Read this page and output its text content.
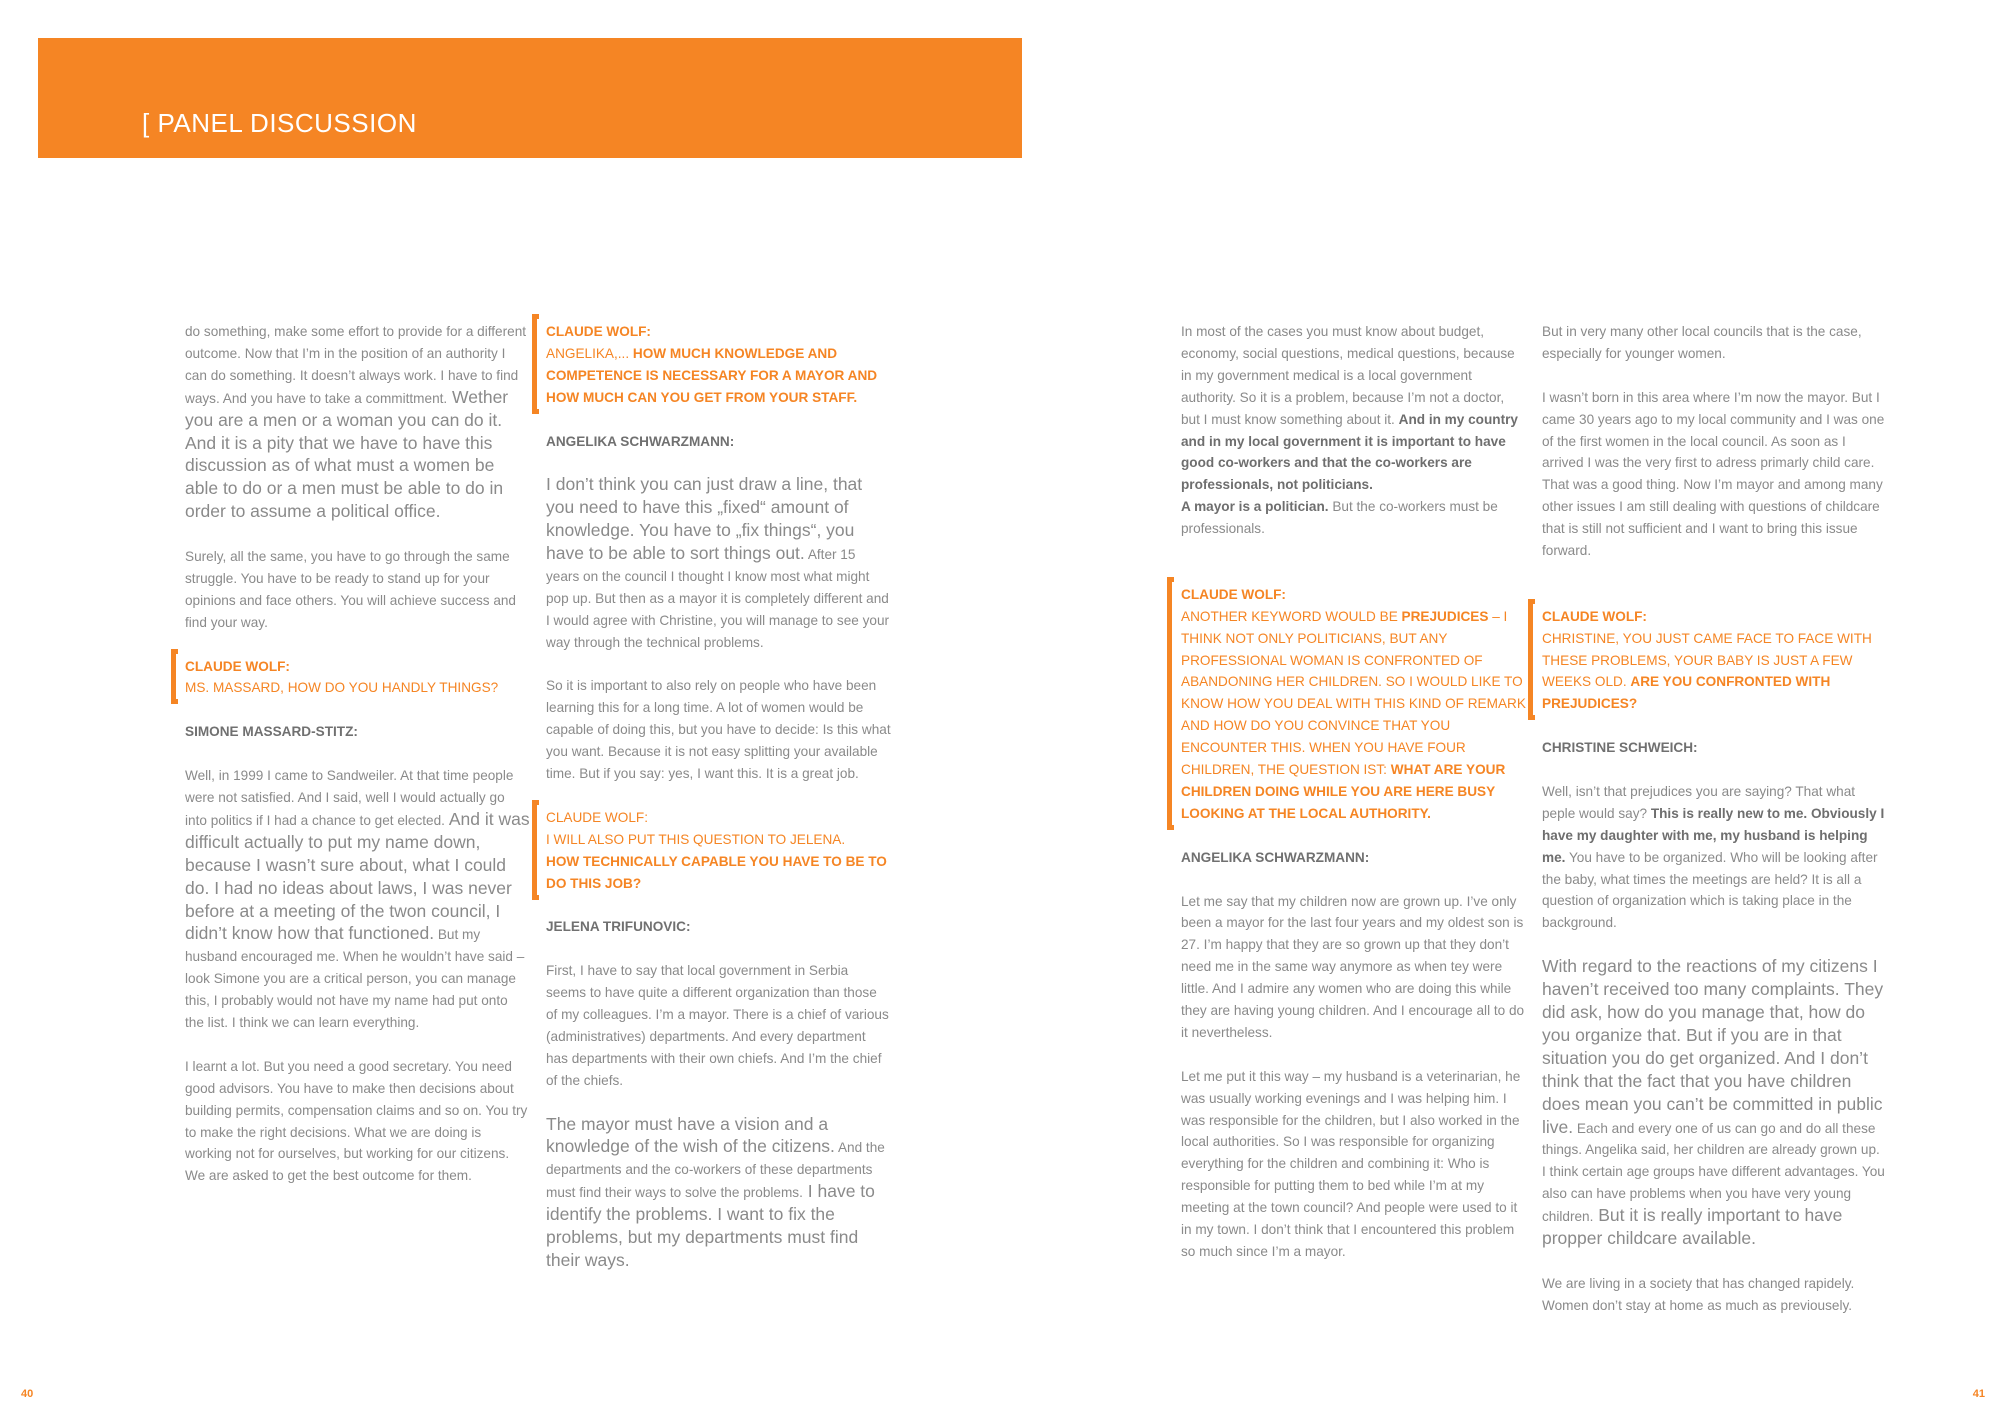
[ PANEL DISCUSSION

do something, make some effort to provide for a different outcome. Now that I’m in the position of an authority I can do something. It doesn’t always work. I have to find ways. And you have to take a committment. Wether you are a men or a woman you can do it. And it is a pity that we have to have this discussion as of what must a women be able to do or a men must be able to do in order to assume a political office.

Surely, all the same, you have to go through the same struggle. You have to be ready to stand up for your opinions and face others. You will achieve success and find your way.

CLAUDE WOLF:
MS. MASSARD, HOW DO YOU HANDLY THINGS?

SIMONE MASSARD-STITZ:

Well, in 1999 I came to Sandweiler. At that time people were not satisfied. And I said, well I would actually go into politics if I had a chance to get elected. And it was difficult actually to put my name down, because I wasn’t sure about, what I could do. I had no ideas about laws, I was never before at a meeting of the twon council, I didn’t know how that functioned. But my husband encouraged me. When he wouldn’t have said – look Simone you are a critical person, you can manage this, I probably would not have my name had put onto the list. I think we can learn everything.

I learnt a lot. But you need a good secretary. You need good advisors. You have to make then decisions about building permits, compensation claims and so on. You try to make the right decisions. What we are doing is working not for ourselves, but working for our citizens. We are asked to get the best outcome for them.

CLAUDE WOLF:
ANGELIKA,... HOW MUCH KNOWLEDGE AND COMPETENCE IS NECESSARY FOR A MAYOR AND HOW MUCH CAN YOU GET FROM YOUR STAFF.

ANGELIKA SCHWARZMANN:

I don’t think you can just draw a line, that you need to have this „fixed“ amount of knowledge. You have to „fix things“, you have to be able to sort things out. After 15 years on the council I thought I know most what might pop up. But then as a mayor it is completely different and I would agree with Christine, you will manage to see your way through the technical problems.

So it is important to also rely on people who have been learning this for a long time. A lot of women would be capable of doing this, but you have to decide: Is this what you want. Because it is not easy splitting your available time. But if you say: yes, I want this. It is a great job.

CLAUDE WOLF:
I WILL ALSO PUT THIS QUESTION TO JELENA.
HOW TECHNICALLY CAPABLE YOU HAVE TO BE TO DO THIS JOB?

JELENA TRIFUNOVIC:

First, I have to say that local government in Serbia seems to have quite a different organization than those of my colleagues. I’m a mayor. There is a chief of various (administratives) departments. And every department has departments with their own chiefs. And I’m the chief of the chiefs.

The mayor must have a vision and a knowledge of the wish of the citizens. And the departments and the co-workers of these departments must find their ways to solve the problems. I have to identify the problems. I want to fix the problems, but my departments must find their ways.

In most of the cases you must know about budget, economy, social questions, medical questions, because in my government medical is a local government authority. So it is a problem, because I’m not a doctor, but I must know something about it. And in my country and in my local government it is important to have good co-workers and that the co-workers are professionals, not politicians.
A mayor is a politician. But the co-workers must be professionals.

CLAUDE WOLF:
ANOTHER KEYWORD WOULD BE PREJUDICES – I THINK NOT ONLY POLITICIANS, BUT ANY PROFESSIONAL WOMAN IS CONFRONTED OF ABANDONING HER CHILDREN. SO I WOULD LIKE TO KNOW HOW YOU DEAL WITH THIS KIND OF REMARK AND HOW DO YOU CONVINCE THAT YOU ENCOUNTER THIS. WHEN YOU HAVE FOUR CHILDREN, THE QUESTION IST: WHAT ARE YOUR CHILDREN DOING WHILE YOU ARE HERE BUSY LOOKING AT THE LOCAL AUTHORITY.

ANGELIKA SCHWARZMANN:

Let me say that my children now are grown up. I’ve only been a mayor for the last four years and my oldest son is 27. I’m happy that they are so grown up that they don’t need me in the same way anymore as when tey were little. And I admire any women who are doing this while they are having young children. And I encourage all to do it nevertheless.

Let me put it this way – my husband is a veterinarian, he was usually working evenings and I was helping him. I was responsible for the children, but I also worked in the local authorities. So I was responsible for organizing everything for the children and combining it: Who is responsible for putting them to bed while I’m at my meeting at the town council? And people were used to it in my town. I don’t think that I encountered this problem so much since I’m a mayor.

But in very many other local councils that is the case, especially for younger women.

I wasn’t born in this area where I’m now the mayor. But I came 30 years ago to my local community and I was one of the first women in the local council. As soon as I arrived I was the very first to adress primarly child care. That was a good thing. Now I’m mayor and among many other issues I am still dealing with questions of childcare that is still not sufficient and I want to bring this issue forward.

CLAUDE WOLF:
CHRISTINE, YOU JUST CAME FACE TO FACE WITH THESE PROBLEMS, YOUR BABY IS JUST A FEW WEEKS OLD. ARE YOU CONFRONTED WITH PREJUDICES?

CHRISTINE SCHWEICH:

Well, isn’t that prejudices you are saying? That what peple would say? This is really new to me. Obviously I have my daughter with me, my husband is helping me. You have to be organized. Who will be looking after the baby, what times the meetings are held? It is all a question of organization which is taking place in the background.

With regard to the reactions of my citizens I haven’t received too many complaints. They did ask, how do you manage that, how do you organize that. But if you are in that situation you do get organized. And I don’t think that the fact that you have children does mean you can’t be committed in public live. Each and every one of us can go and do all these things. Angelika said, her children are already grown up. I think certain age groups have different advantages. You also can have problems when you have very young children. But it is really important to have propper childcare available.

We are living in a society that has changed rapidely. Women don’t stay at home as much as previousely.

40	41
